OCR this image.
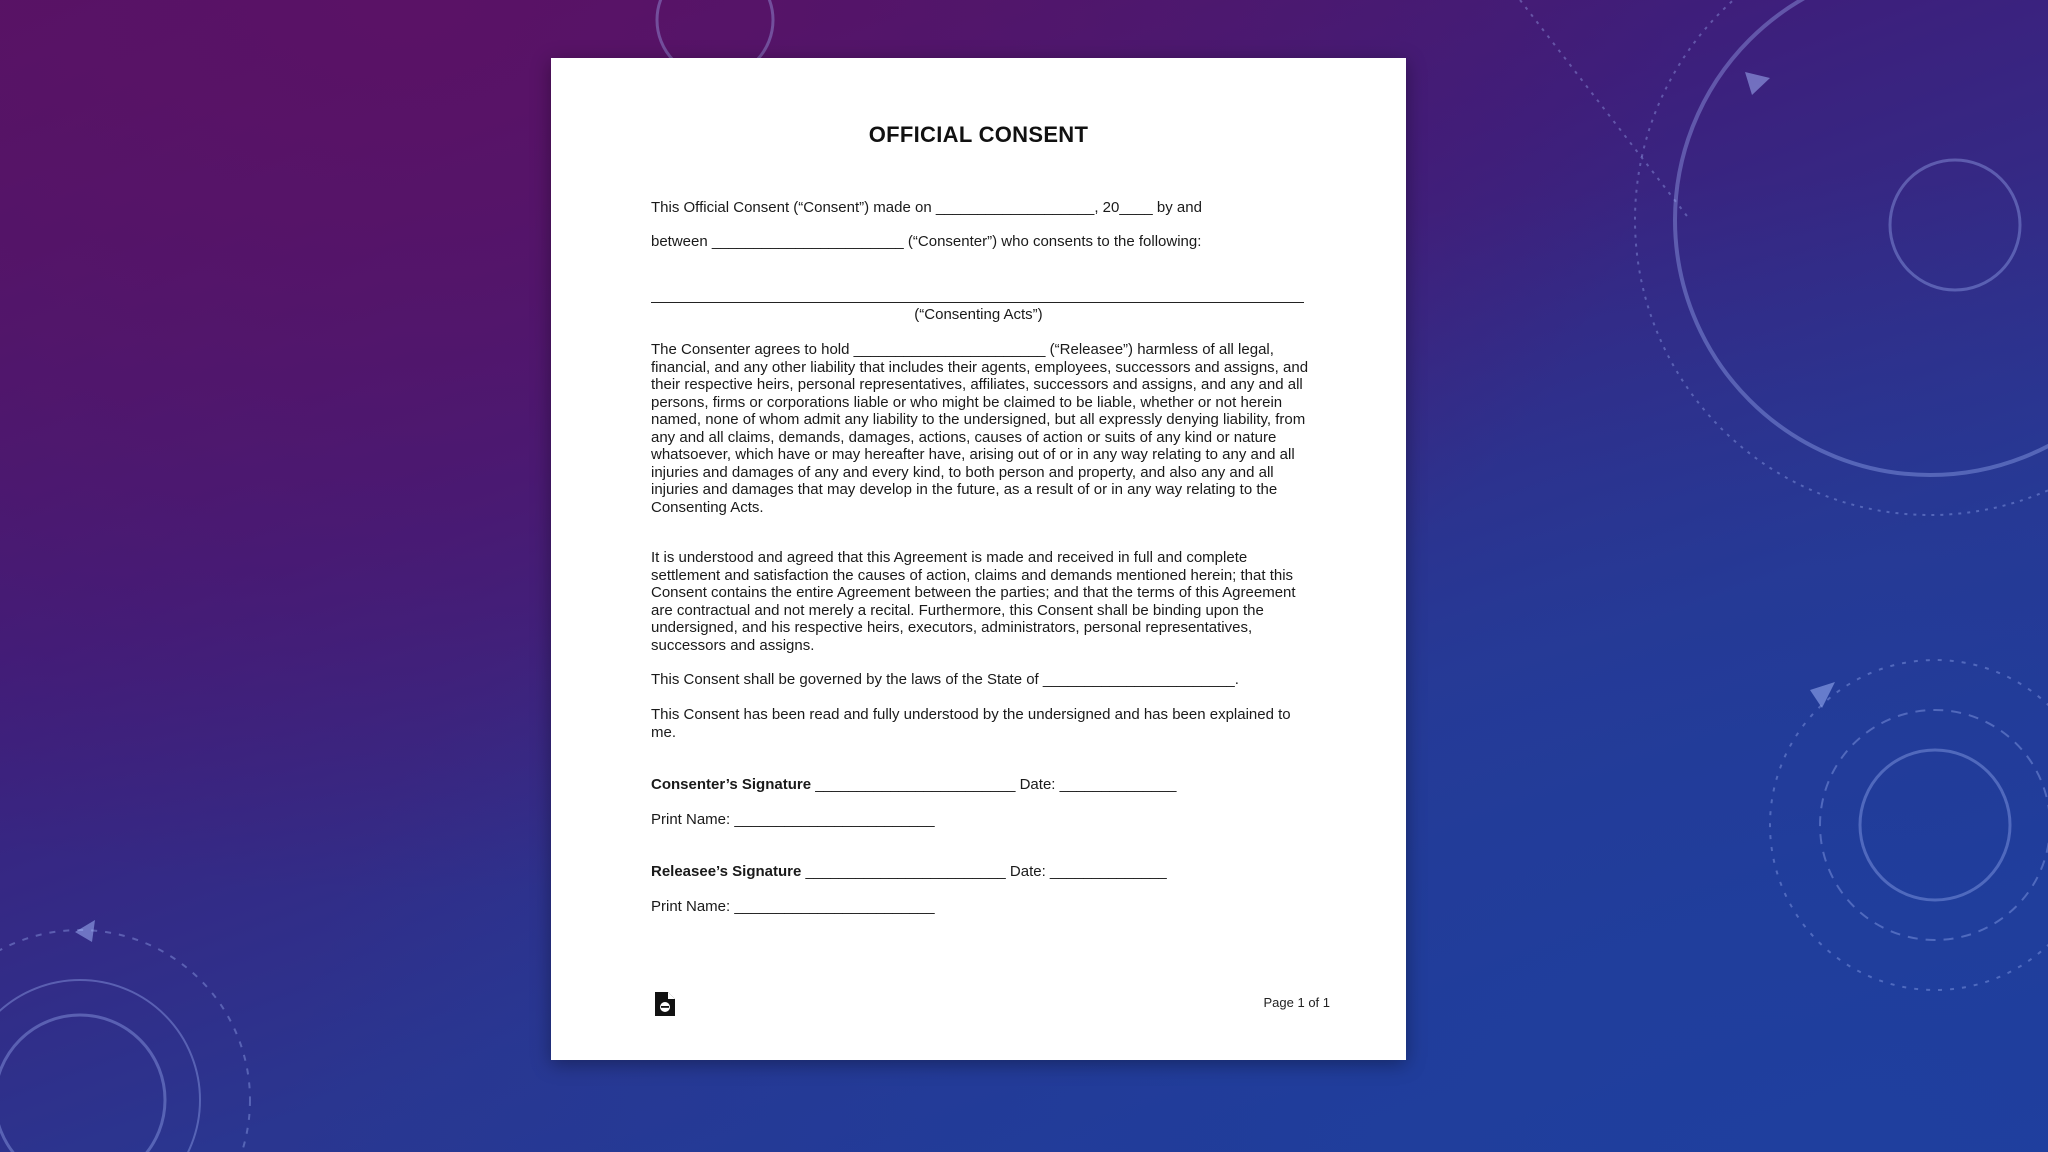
OFFICIAL CONSENT
This Official Consent (“Consent”) made on ___________________, 20____ by and
between _______________________ (“Consenter”) who consents to the following:
(“Consenting Acts”)
The Consenter agrees to hold _______________________ (“Releasee”) harmless of all legal, financial, and any other liability that includes their agents, employees, successors and assigns, and their respective heirs, personal representatives, affiliates, successors and assigns, and any and all persons, firms or corporations liable or who might be claimed to be liable, whether or not herein named, none of whom admit any liability to the undersigned, but all expressly denying liability, from any and all claims, demands, damages, actions, causes of action or suits of any kind or nature whatsoever, which have or may hereafter have, arising out of or in any way relating to any and all injuries and damages of any and every kind, to both person and property, and also any and all injuries and damages that may develop in the future, as a result of or in any way relating to the Consenting Acts.
It is understood and agreed that this Agreement is made and received in full and complete settlement and satisfaction the causes of action, claims and demands mentioned herein; that this Consent contains the entire Agreement between the parties; and that the terms of this Agreement are contractual and not merely a recital. Furthermore, this Consent shall be binding upon the undersigned, and his respective heirs, executors, administrators, personal representatives, successors and assigns.
This Consent shall be governed by the laws of the State of _______________________.
This Consent has been read and fully understood by the undersigned and has been explained to me.
Consenter’s Signature ________________________ Date: ______________
Print Name: ________________________
Releasee’s Signature ________________________ Date: ______________
Print Name: ________________________
Page 1 of 1
